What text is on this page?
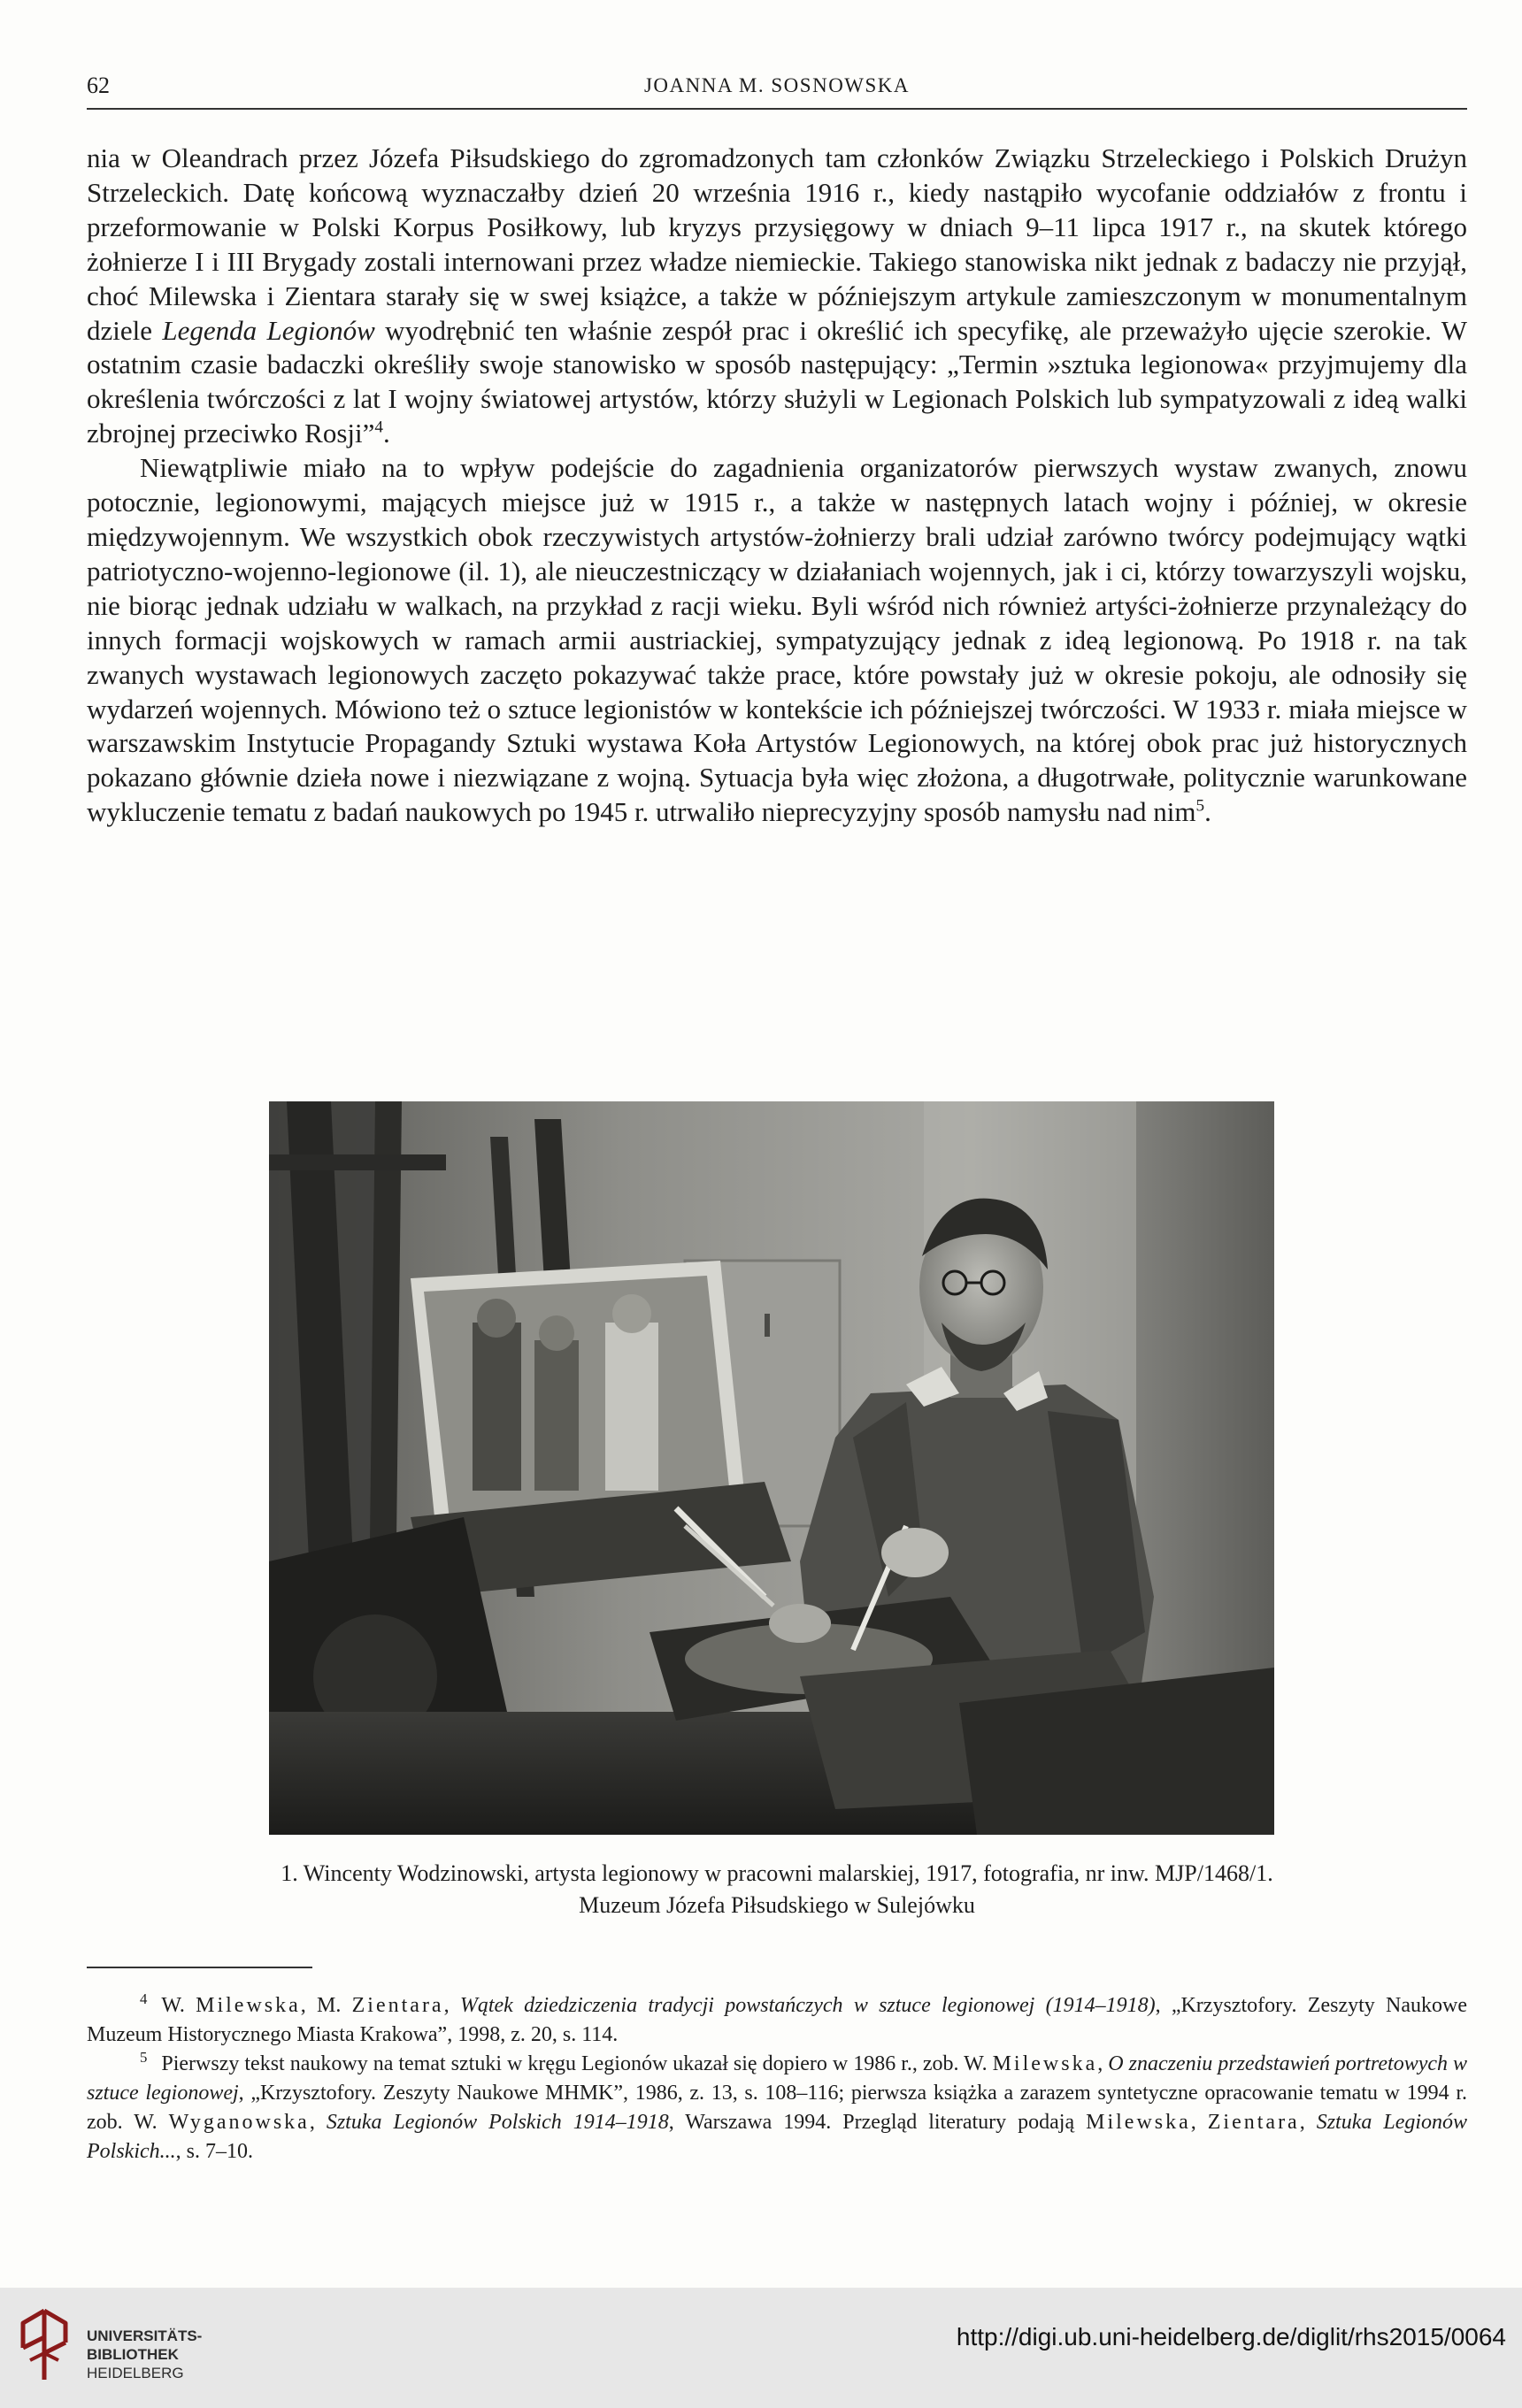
62	JOANNA M. SOSNOWSKA

nia w Oleandrach przez Józefa Piłsudskiego do zgromadzonych tam członków Związku Strzeleckiego i Polskich Drużyn Strzeleckich. Datę końcową wyznaczałby dzień 20 września 1916 r., kiedy nastąpiło wycofanie oddziałów z frontu i przeformowanie w Polski Korpus Posiłkowy, lub kryzys przysięgowy w dniach 9–11 lipca 1917 r., na skutek którego żołnierze I i III Brygady zostali internowani przez władze niemieckie. Takiego stanowiska nikt jednak z badaczy nie przyjął, choć Milewska i Zientara starały się w swej książce, a także w późniejszym artykule zamieszczonym w monumentalnym dziele Legenda Legionów wyodrębnić ten właśnie zespół prac i określić ich specyfikę, ale przeważyło ujęcie szerokie. W ostatnim czasie badaczki określiły swoje stanowisko w sposób następujący: „Termin »sztuka legionowa« przyjmujemy dla określenia twórczości z lat I wojny światowej artystów, którzy służyli w Legionach Polskich lub sympatyzowali z ideą walki zbrojnej przeciwko Rosji”$^4$.

Niewątpliwie miało na to wpływ podejście do zagadnienia organizatorów pierwszych wystaw zwanych, znowu potocznie, legionowymi, mających miejsce już w 1915 r., a także w następnych latach wojny i później, w okresie międzywojennym. We wszystkich obok rzeczywistych artystów-żołnierzy brali udział zarówno twórcy podejmujący wątki patriotyczno-wojenno-legionowe (il. 1), ale nieuczestniczący w działaniach wojennych, jak i ci, którzy towarzyszyli wojsku, nie biorąc jednak udziału w walkach, na przykład z racji wieku. Byli wśród nich również artyści-żołnierze przynależący do innych formacji wojskowych w ramach armii austriackiej, sympatyzujący jednak z ideą legionową. Po 1918 r. na tak zwanych wystawach legionowych zaczęto pokazywać także prace, które powstały już w okresie pokoju, ale odnosiły się wydarzeń wojennych. Mówiono też o sztuce legionistów w kontekście ich późniejszej twórczości. W 1933 r. miała miejsce w warszawskim Instytucie Propagandy Sztuki wystawa Koła Artystów Legionowych, na której obok prac już historycznych pokazano głównie dzieła nowe i niezwiązane z wojną. Sytuacja była więc złożona, a długotrwałe, politycznie warunkowane wykluczenie tematu z badań naukowych po 1945 r. utrwaliło nieprecyzyjny sposób namysłu nad nim$^5$.

1. Wincenty Wodzinowski, artysta legionowy w pracowni malarskiej, 1917, fotografia, nr inw. MJP/1468/1.
Muzeum Józefa Piłsudskiego w Sulejówku

$^4$ W. Milewska, M. Zientara, Wątek dziedziczenia tradycji powstańczych w sztuce legionowej (1914–1918), „Krzysztofory. Zeszyty Naukowe Muzeum Historycznego Miasta Krakowa”, 1998, z. 20, s. 114.

$^5$ Pierwszy tekst naukowy na temat sztuki w kręgu Legionów ukazał się dopiero w 1986 r., zob. W. Milewska, O znaczeniu przedstawień portretowych w sztuce legionowej, „Krzysztofory. Zeszyty Naukowe MHMK”, 1986, z. 13, s. 108–116; pierwsza książka a zarazem syntetyczne opracowanie tematu w 1994 r. zob. W. Wyganowska, Sztuka Legionów Polskich 1914–1918, Warszawa 1994. Przegląd literatury podają Milewska, Zientara, Sztuka Legionów Polskich..., s. 7–10.

UNIVERSITÄTS-
BIBLIOTHEK
HEIDELBERG
http://digi.ub.uni-heidelberg.de/diglit/rhs2015/0064
